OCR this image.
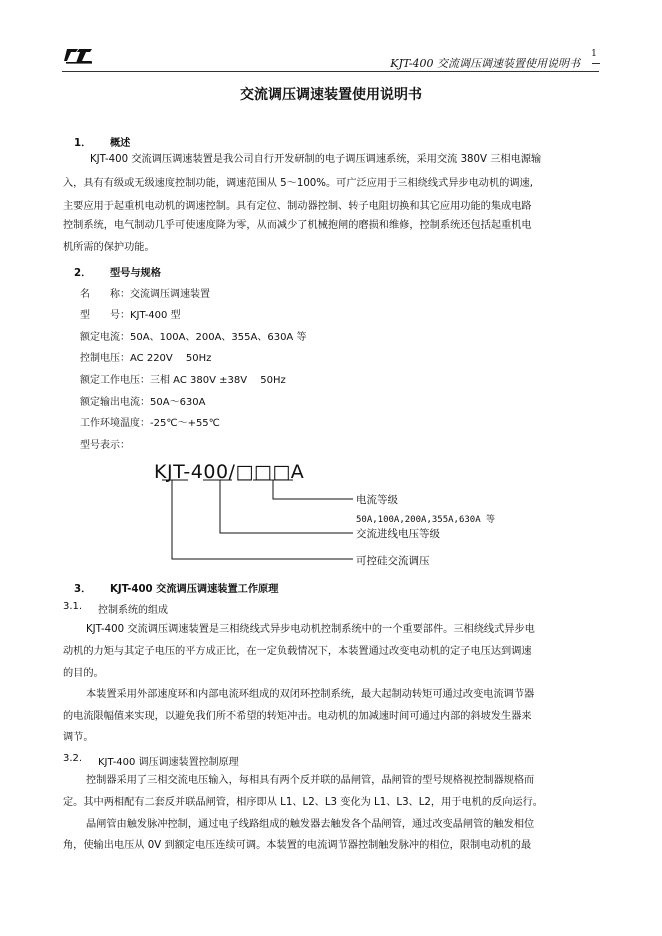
KJT-400 交流调压调速装置使用说明书
1
交流调压调速装置使用说明书
1． 概述
KJT-400 交流调压调速装置是我公司自行开发研制的电子调压调速系统，采用交流 380V 三相电源输
入，具有有级或无级速度控制功能，调速范围从 5～100%。可广泛应用于三相绕线式异步电动机的调速,
主要应用于起重机电动机的调速控制。具有定位、制动器控制、转子电阻切换和其它应用功能的集成电路
控制系统，电气制动几乎可使速度降为零，从而减少了机械抱闸的磨损和维修，控制系统还包括起重机电
机所需的保护功能。
2． 型号与规格
名　　称：交流调压调速装置
型　　号：KJT-400 型
额定电流：50A、100A、200A、355A、630A 等
控制电压：AC 220V　 50Hz
额定工作电压：三相 AC 380V ±38V　 50Hz
额定输出电流：50A～630A
工作环境温度：-25℃～+55℃
型号表示：
KJT-400/□□□A
电流等级
50A,100A,200A,355A,630A 等
交流进线电压等级
可控硅交流调压
3． KJT-400 交流调压调速装置工作原理
3.1. 控制系统的组成
KJT-400 交流调压调速装置是三相绕线式异步电动机控制系统中的一个重要部件。三相绕线式异步电
动机的力矩与其定子电压的平方成正比，在一定负载情况下，本装置通过改变电动机的定子电压达到调速
的目的。
本装置采用外部速度环和内部电流环组成的双闭环控制系统，最大起制动转矩可通过改变电流调节器
的电流限幅值来实现，以避免我们所不希望的转矩冲击。电动机的加减速时间可通过内部的斜坡发生器来
调节。
3.2. KJT-400 调压调速装置控制原理
控制器采用了三相交流电压输入，每相具有两个反并联的晶闸管，晶闸管的型号规格视控制器规格而
定。其中两相配有二套反并联晶闸管，相序即从 L1、L2、L3 变化为 L1、L3、L2，用于电机的反向运行。
晶闸管由触发脉冲控制，通过电子线路组成的触发器去触发各个晶闸管，通过改变晶闸管的触发相位
角，使输出电压从 0V 到额定电压连续可调。本装置的电流调节器控制触发脉冲的相位，限制电动机的最
